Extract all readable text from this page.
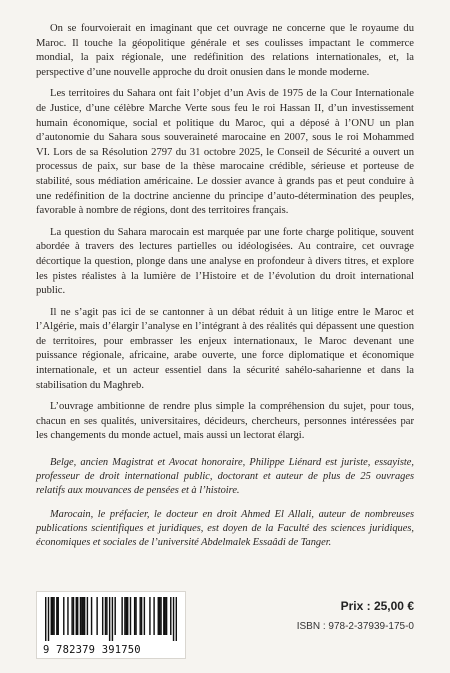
On se fourvoierait en imaginant que cet ouvrage ne concerne que le royaume du Maroc. Il touche la géopolitique générale et ses coulisses impactant le commerce mondial, la paix régionale, une redéfinition des relations internationales, et, la perspective d’une nouvelle approche du droit onusien dans le monde moderne.

Les territoires du Sahara ont fait l’objet d’un Avis de 1975 de la Cour Internationale de Justice, d’une célèbre Marche Verte sous feu le roi Hassan II, d’un investissement humain économique, social et politique du Maroc, qui a déposé à l’ONU un plan d’autonomie du Sahara sous souveraineté marocaine en 2007, sous le roi Mohammed VI. Lors de sa Résolution 2797 du 31 octobre 2025, le Conseil de Sécurité a ouvert un processus de paix, sur base de la thèse marocaine crédible, sérieuse et porteuse de stabilité, sous médiation américaine. Le dossier avance à grands pas et peut conduire à une redéfinition de la doctrine ancienne du principe d’auto-détermination des peuples, favorable à nombre de régions, dont des territoires français.

La question du Sahara marocain est marquée par une forte charge politique, souvent abordée à travers des lectures partielles ou idéologisées. Au contraire, cet ouvrage décortique la question, plonge dans une analyse en profondeur à divers titres, et explore les pistes réalistes à la lumière de l’Histoire et de l’évolution du droit international public.

Il ne s’agit pas ici de se cantonner à un débat réduit à un litige entre le Maroc et l’Algérie, mais d’élargir l’analyse en l’intégrant à des réalités qui dépassent une question de territoires, pour embrasser les enjeux internationaux, le Maroc devenant une puissance régionale, africaine, arabe ouverte, une force diplomatique et économique internationale, et un acteur essentiel dans la sécurité sahélo-saharienne et dans la stabilisation du Maghreb.

L’ouvrage ambitionne de rendre plus simple la compréhension du sujet, pour tous, chacun en ses qualités, universitaires, décideurs, chercheurs, personnes intéressées par les changements du monde actuel, mais aussi un lectorat élargi.

Belge, ancien Magistrat et Avocat honoraire, Philippe Liénard est juriste, essayiste, professeur de droit international public, doctorant et auteur de plus de 25 ouvrages relatifs aux mouvances de pensées et à l’histoire.

Marocain, le préfacier, le docteur en droit Ahmed El Allali, auteur de nombreuses publications scientifiques et juridiques, est doyen de la Faculté des sciences juridiques, économiques et sociales de l’université Abdelmalek Essaâdi de Tanger.

9 782379 391750
Prix : 25,00 €
ISBN : 978-2-37939-175-0
